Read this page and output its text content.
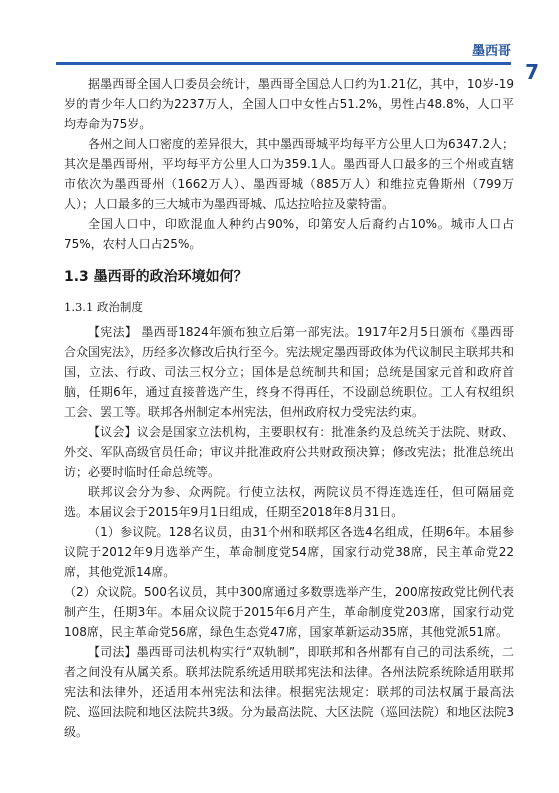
墨西哥
7

据墨西哥全国人口委员会统计，墨西哥全国总人口约为1.21亿，其中，10岁-19岁的青少年人口约为2237万人，全国人口中女性占51.2%，男性占48.8%，人口平均寿命为75岁。

各州之间人口密度的差异很大，其中墨西哥城平均每平方公里人口为6347.2人；其次是墨西哥州，平均每平方公里人口为359.1人。墨西哥人口最多的三个州或直辖市依次为墨西哥州（1662万人）、墨西哥城（885万人）和维拉克鲁斯州（799万人）；人口最多的三大城市为墨西哥城、瓜达拉哈拉及蒙特雷。

全国人口中，印欧混血人种约占90%，印第安人后裔约占10%。城市人口占75%，农村人口占25%。

1.3 墨西哥的政治环境如何？
1.3.1 政治制度

【宪法】 墨西哥1824年颁布独立后第一部宪法。1917年2月5日颁布《墨西哥合众国宪法》，历经多次修改后执行至今。宪法规定墨西哥政体为代议制民主联邦共和国，立法、行政、司法三权分立；国体是总统制共和国；总统是国家元首和政府首脑，任期6年，通过直接普选产生，终身不得再任，不设副总统职位。工人有权组织工会、罢工等。联邦各州制定本州宪法，但州政府权力受宪法约束。

【议会】议会是国家立法机构，主要职权有：批准条约及总统关于法院、财政、外交、军队高级官员任命；审议并批准政府公共财政预决算；修改宪法；批准总统出访；必要时临时任命总统等。

联邦议会分为参、众两院。行使立法权，两院议员不得连选连任，但可隔届竞选。本届议会于2015年9月1日组成，任期至2018年8月31日。

（1）参议院。128名议员，由31个州和联邦区各选4名组成，任期6年。本届参议院于2012年9月选举产生，革命制度党54席，国家行动党38席，民主革命党22席，其他党派14席。

（2）众议院。500名议员，其中300席通过多数票选举产生，200席按政党比例代表制产生，任期3年。本届众议院于2015年6月产生，革命制度党203席，国家行动党108席，民主革命党56席，绿色生态党47席，国家革新运动35席，其他党派51席。

【司法】墨西哥司法机构实行“双轨制”，即联邦和各州都有自己的司法系统，二者之间没有从属关系。联邦法院系统适用联邦宪法和法律。各州法院系统除适用联邦宪法和法律外，还适用本州宪法和法律。根据宪法规定：联邦的司法权属于最高法院、巡回法院和地区法院共3级。分为最高法院、大区法院（巡回法院）和地区法院3级。
